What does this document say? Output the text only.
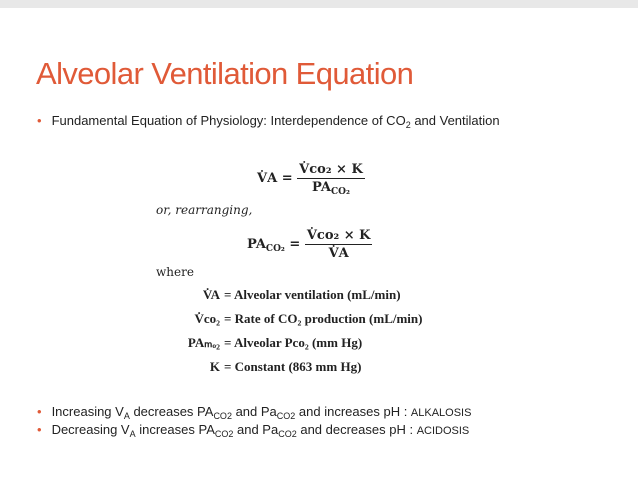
Alveolar Ventilation Equation
• Fundamental Equation of Physiology: Interdependence of $CO_2$ and Ventilation
V̇A = $\frac{\text{V̇co₂ × K}}{PA_{CO_2}}$
or, rearranging,
$PA_{CO_2} = \frac{\text{V̇co₂ × K}}{V̇A}$
where
V̇A = Alveolar ventilation (mL/min)
V̇co₂ = Rate of CO₂ production (mL/min)
PAₘₒ₂ = Alveolar Pco₂ (mm Hg)
K = Constant (863 mm Hg)
• Increasing $V_A$ decreases $PA_{CO2}$ and $Pa_{CO2}$ and increases pH : ALKALOSIS
• Decreasing $V_A$ increases $PA_{CO2}$ and $Pa_{CO2}$ and decreases pH : ACIDOSIS
